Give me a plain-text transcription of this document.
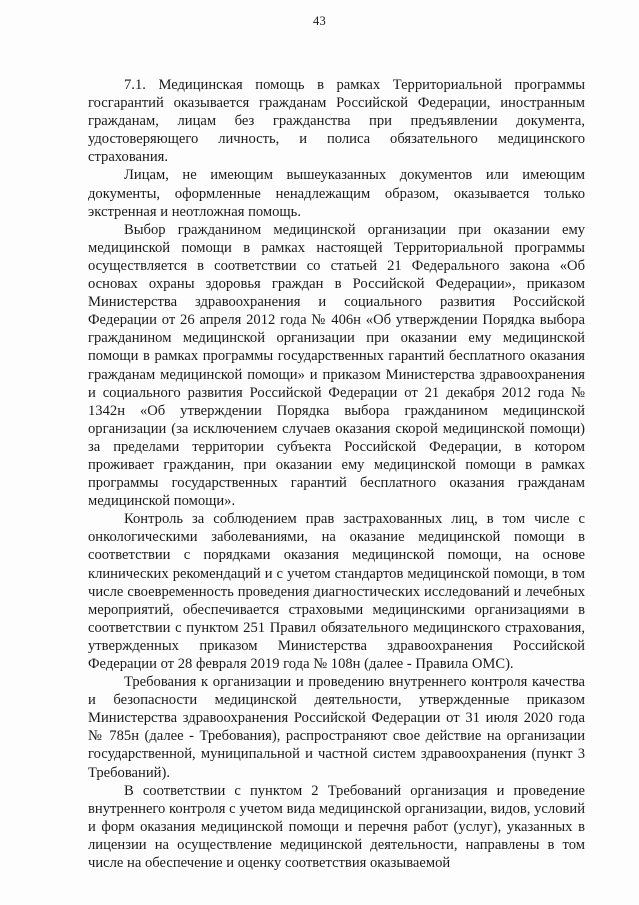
43

7.1. Медицинская помощь в рамках Территориальной программы госгарантий оказывается гражданам Российской Федерации, иностранным гражданам, лицам без гражданства при предъявлении документа, удостоверяющего личность, и полиса обязательного медицинского страхования.

Лицам, не имеющим вышеуказанных документов или имеющим документы, оформленные ненадлежащим образом, оказывается только экстренная и неотложная помощь.

Выбор гражданином медицинской организации при оказании ему медицинской помощи в рамках настоящей Территориальной программы осуществляется в соответствии со статьей 21 Федерального закона «Об основах охраны здоровья граждан в Российской Федерации», приказом Министерства здравоохранения и социального развития Российской Федерации от 26 апреля 2012 года № 406н «Об утверждении Порядка выбора гражданином медицинской организации при оказании ему медицинской помощи в рамках программы государственных гарантий бесплатного оказания гражданам медицинской помощи» и приказом Министерства здравоохранения и социального развития Российской Федерации от 21 декабря 2012 года № 1342н «Об утверждении Порядка выбора гражданином медицинской организации (за исключением случаев оказания скорой медицинской помощи) за пределами территории субъекта Российской Федерации, в котором проживает гражданин, при оказании ему медицинской помощи в рамках программы государственных гарантий бесплатного оказания гражданам медицинской помощи».

Контроль за соблюдением прав застрахованных лиц, в том числе с онкологическими заболеваниями, на оказание медицинской помощи в соответствии с порядками оказания медицинской помощи, на основе клинических рекомендаций и с учетом стандартов медицинской помощи, в том числе своевременность проведения диагностических исследований и лечебных мероприятий, обеспечивается страховыми медицинскими организациями в соответствии с пунктом 251 Правил обязательного медицинского страхования, утвержденных приказом Министерства здравоохранения Российской Федерации от 28 февраля 2019 года № 108н (далее - Правила ОМС).

Требования к организации и проведению внутреннего контроля качества и безопасности медицинской деятельности, утвержденные приказом Министерства здравоохранения Российской Федерации от 31 июля 2020 года № 785н (далее - Требования), распространяют свое действие на организации государственной, муниципальной и частной систем здравоохранения (пункт 3 Требований).

В соответствии с пунктом 2 Требований организация и проведение внутреннего контроля с учетом вида медицинской организации, видов, условий и форм оказания медицинской помощи и перечня работ (услуг), указанных в лицензии на осуществление медицинской деятельности, направлены в том числе на обеспечение и оценку соответствия оказываемой
